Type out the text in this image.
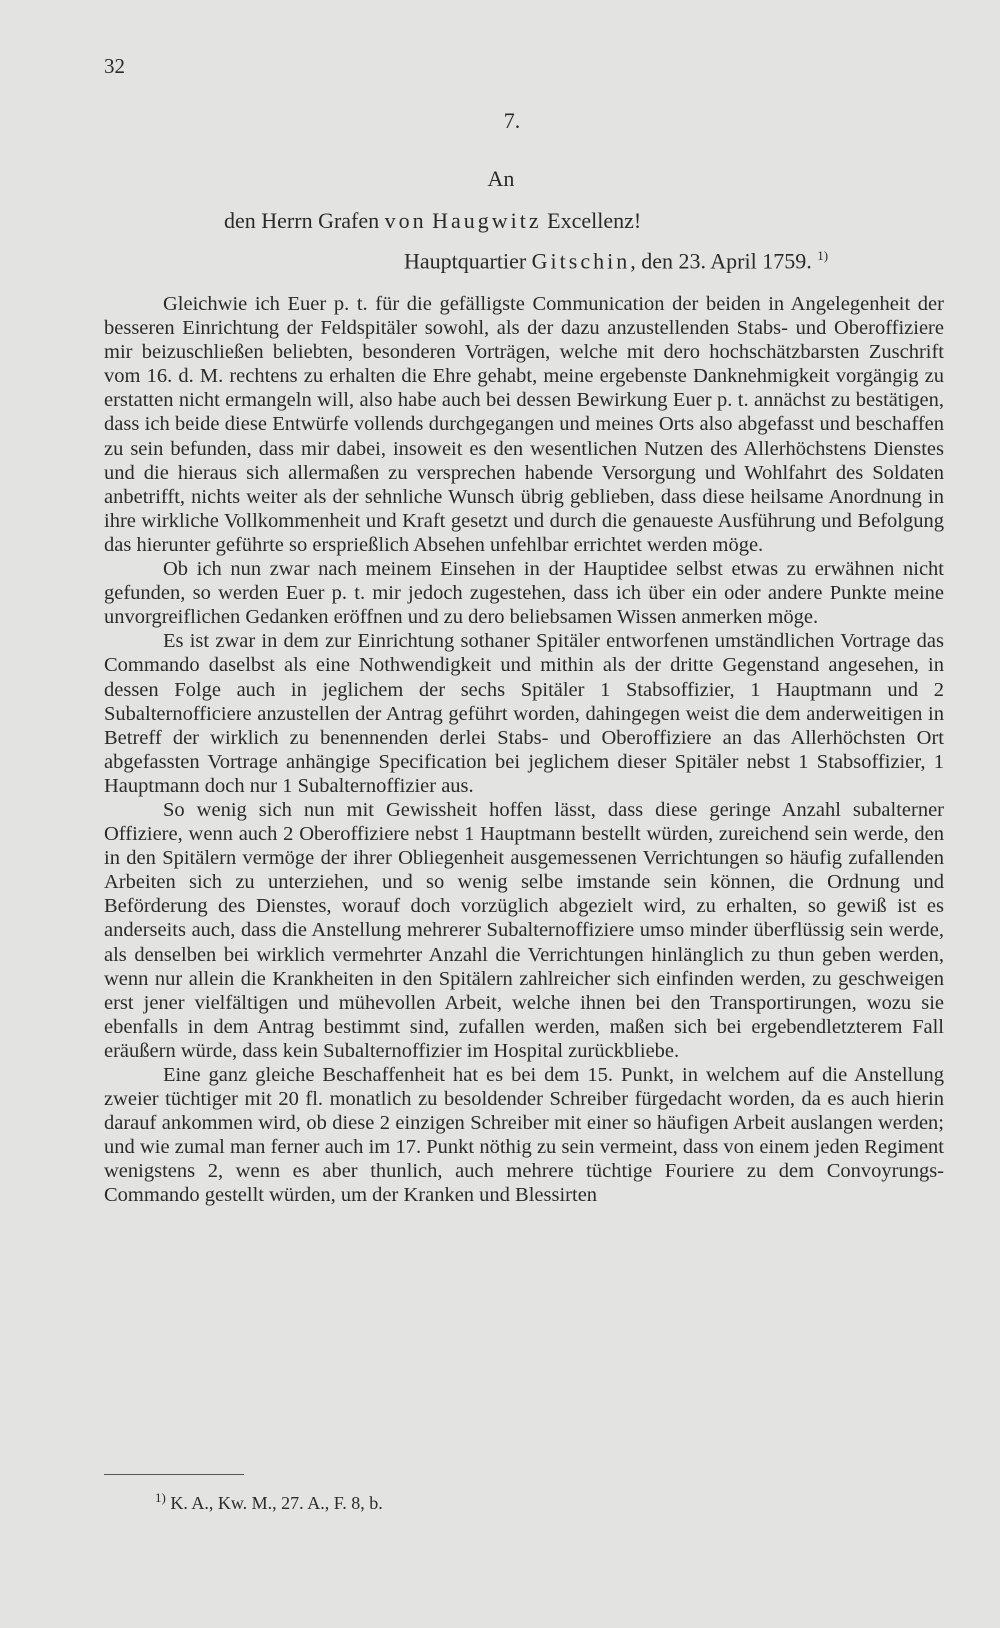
32
7.
An
den Herrn Grafen von Haugwitz Excellenz!
Hauptquartier Gitschin, den 23. April 1759. $^{1)}$

Gleichwie ich Euer p. t. für die gefälligste Communication der beiden in Angelegenheit der besseren Einrichtung der Feldspitäler sowohl, als der dazu anzustellenden Stabs- und Oberoffiziere mir beizuschließen beliebten, besonderen Vorträgen, welche mit dero hochschätzbarsten Zuschrift vom 16. d. M. rechtens zu erhalten die Ehre gehabt, meine ergebenste Danknehmigkeit vorgängig zu erstatten nicht ermangeln will, also habe auch bei dessen Bewirkung Euer p. t. annächst zu bestätigen, dass ich beide diese Entwürfe vollends durchgegangen und meines Orts also abgefasst und beschaffen zu sein befunden, dass mir dabei, insoweit es den wesentlichen Nutzen des Allerhöchstens Dienstes und die hieraus sich allermaßen zu versprechen habende Versorgung und Wohlfahrt des Soldaten anbetrifft, nichts weiter als der sehnliche Wunsch übrig geblieben, dass diese heilsame Anordnung in ihre wirkliche Vollkommenheit und Kraft gesetzt und durch die genaueste Ausführung und Befolgung das hierunter geführte so ersprießlich Absehen unfehlbar errichtet werden möge.

Ob ich nun zwar nach meinem Einsehen in der Hauptidee selbst etwas zu erwähnen nicht gefunden, so werden Euer p. t. mir jedoch zugestehen, dass ich über ein oder andere Punkte meine unvorgreiflichen Gedanken eröffnen und zu dero beliebsamen Wissen anmerken möge.

Es ist zwar in dem zur Einrichtung sothaner Spitäler entworfenen umständlichen Vortrage das Commando daselbst als eine Nothwendigkeit und mithin als der dritte Gegenstand angesehen, in dessen Folge auch in jeglichem der sechs Spitäler 1 Stabsoffizier, 1 Hauptmann und 2 Subalternofficiere anzustellen der Antrag geführt worden, dahingegen weist die dem anderweitigen in Betreff der wirklich zu benennenden derlei Stabs- und Oberoffiziere an das Allerhöchsten Ort abgefassten Vortrage anhängige Specification bei jeglichem dieser Spitäler nebst 1 Stabsoffizier, 1 Hauptmann doch nur 1 Subalternoffizier aus.

So wenig sich nun mit Gewissheit hoffen lässt, dass diese geringe Anzahl subalterner Offiziere, wenn auch 2 Oberoffiziere nebst 1 Hauptmann bestellt würden, zureichend sein werde, den in den Spitälern vermöge der ihrer Obliegenheit ausgemessenen Verrichtungen so häufig zufallenden Arbeiten sich zu unterziehen, und so wenig selbe imstande sein können, die Ordnung und Beförderung des Dienstes, worauf doch vorzüglich abgezielt wird, zu erhalten, so gewiß ist es anderseits auch, dass die Anstellung mehrerer Subalternoffiziere umso minder überflüssig sein werde, als denselben bei wirklich vermehrter Anzahl die Verrichtungen hinlänglich zu thun geben werden, wenn nur allein die Krankheiten in den Spitälern zahlreicher sich einfinden werden, zu geschweigen erst jener vielfältigen und mühevollen Arbeit, welche ihnen bei den Transportirungen, wozu sie ebenfalls in dem Antrag bestimmt sind, zufallen werden, maßen sich bei ergebendletzterem Fall eräußern würde, dass kein Subalternoffizier im Hospital zurückbliebe.

Eine ganz gleiche Beschaffenheit hat es bei dem 15. Punkt, in welchem auf die Anstellung zweier tüchtiger mit 20 fl. monatlich zu besoldender Schreiber fürgedacht worden, da es auch hierin darauf ankommen wird, ob diese 2 einzigen Schreiber mit einer so häufigen Arbeit auslangen werden; und wie zumal man ferner auch im 17. Punkt nöthig zu sein vermeint, dass von einem jeden Regiment wenigstens 2, wenn es aber thunlich, auch mehrere tüchtige Fouriere zu dem Convoyrungs-Commando gestellt würden, um der Kranken und Blessirten

$^{1)}$ K. A., Kw. M., 27. A., F. 8, b.
